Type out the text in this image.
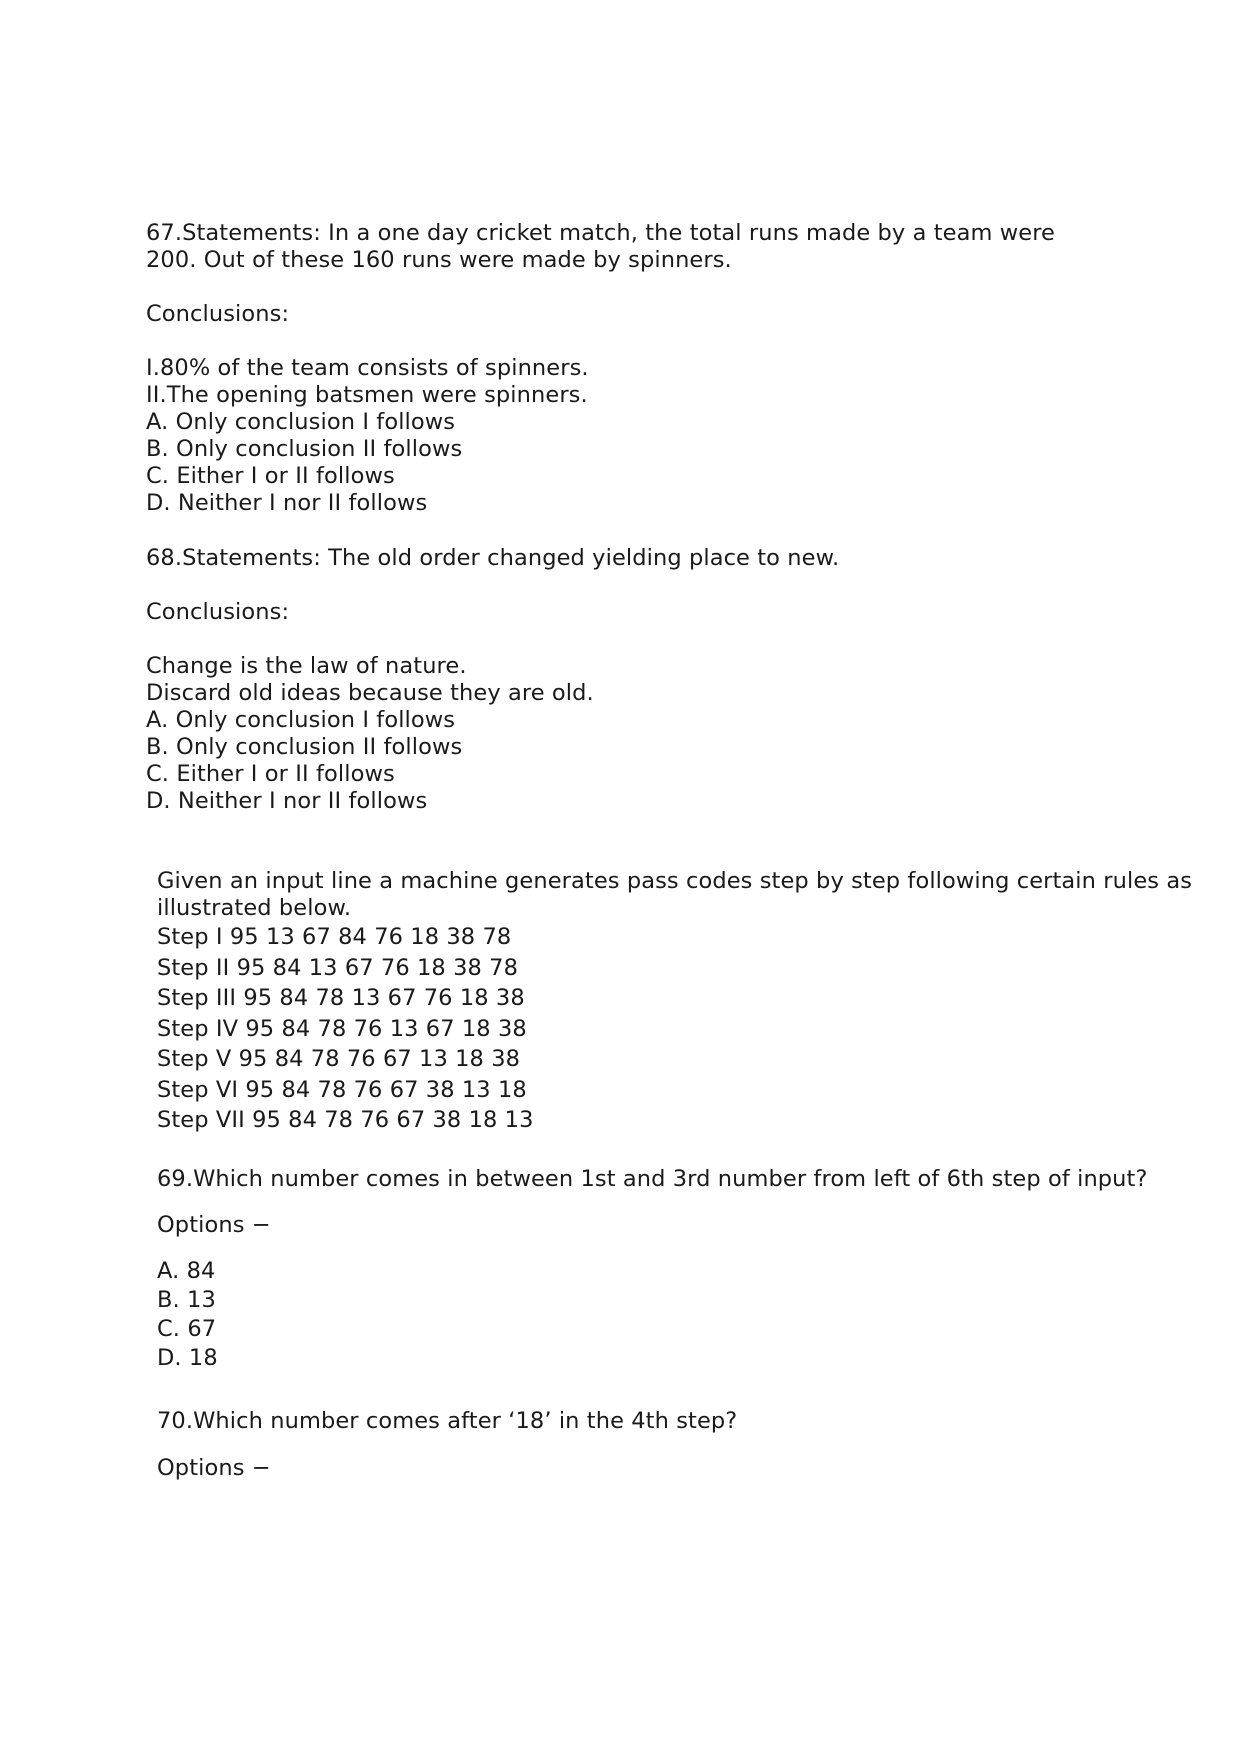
67.Statements: In a one day cricket match, the total runs made by a team were
200. Out of these 160 runs were made by spinners.
Conclusions:
I.80% of the team consists of spinners.
II.The opening batsmen were spinners.
A. Only conclusion I follows
B. Only conclusion II follows
C. Either I or II follows
D. Neither I nor II follows
68.Statements: The old order changed yielding place to new.
Conclusions:
Change is the law of nature.
Discard old ideas because they are old.
A. Only conclusion I follows
B. Only conclusion II follows
C. Either I or II follows
D. Neither I nor II follows
Given an input line a machine generates pass codes step by step following certain rules as illustrated below.
Step I 95 13 67 84 76 18 38 78
Step II 95 84 13 67 76 18 38 78
Step III 95 84 78 13 67 76 18 38
Step IV 95 84 78 76 13 67 18 38
Step V 95 84 78 76 67 13 18 38
Step VI 95 84 78 76 67 38 13 18
Step VII 95 84 78 76 67 38 18 13
69.Which number comes in between 1st and 3rd number from left of 6th step of input?
Options −
A. 84
B. 13
C. 67
D. 18
70.Which number comes after ‘18’ in the 4th step?
Options −
